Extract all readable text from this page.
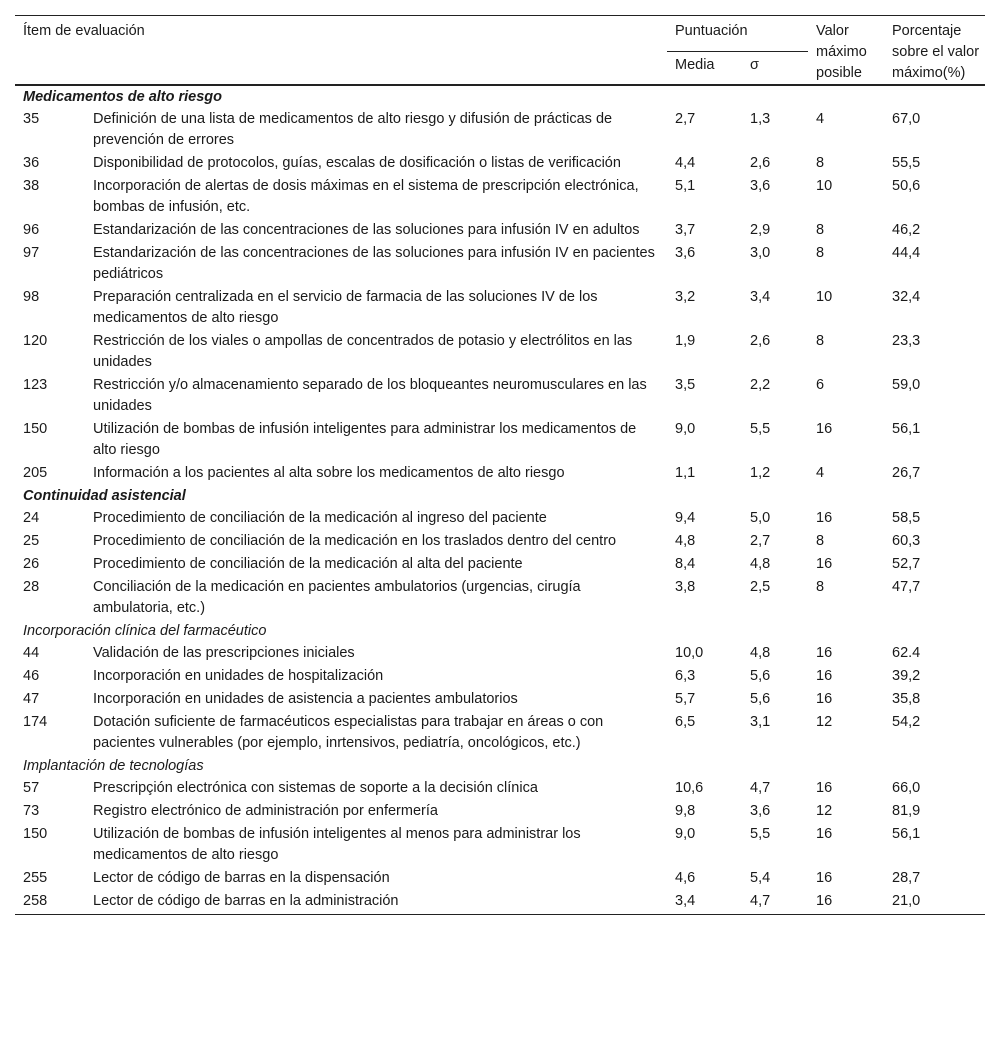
Ítem de evaluación		Puntuación		Valor máximo posible	Porcentaje sobre el valor máximo(%)
		Media	σ		
Medicamentos de alto riesgo					
35	Definición de una lista de medicamentos de alto riesgo y difusión de prácticas de prevención de errores	2,7	1,3	4	67,0
36	Disponibilidad de protocolos, guías, escalas de dosificación o listas de verificación	4,4	2,6	8	55,5
38	Incorporación de alertas de dosis máximas en el sistema de prescripción electrónica, bombas de infusión, etc.	5,1	3,6	10	50,6
96	Estandarización de las concentraciones de las soluciones para infusión IV en adultos	3,7	2,9	8	46,2
97	Estandarización de las concentraciones de las soluciones para infusión IV en pacientes pediátricos	3,6	3,0	8	44,4
98	Preparación centralizada en el servicio de farmacia de las soluciones IV de los medicamentos de alto riesgo	3,2	3,4	10	32,4
120	Restricción de los viales o ampollas de concentrados de potasio y electrólitos en las unidades	1,9	2,6	8	23,3
123	Restricción y/o almacenamiento separado de los bloqueantes neuromusculares en las unidades	3,5	2,2	6	59,0
150	Utilización de bombas de infusión inteligentes para administrar los medicamentos de alto riesgo	9,0	5,5	16	56,1
205	Información a los pacientes al alta sobre los medicamentos de alto riesgo	1,1	1,2	4	26,7
Continuidad asistencial					
24	Procedimiento de conciliación de la medicación al ingreso del paciente	9,4	5,0	16	58,5
25	Procedimiento de conciliación de la medicación en los traslados dentro del centro	4,8	2,7	8	60,3
26	Procedimiento de conciliación de la medicación al alta del paciente	8,4	4,8	16	52,7
28	Conciliación de la medicación en pacientes ambulatorios (urgencias, cirugía ambulatoria, etc.)	3,8	2,5	8	47,7
Incorporación clínica del farmacéutico					
44	Validación de las prescripciones iniciales	10,0	4,8	16	62.4
46	Incorporación en unidades de hospitalización	6,3	5,6	16	39,2
47	Incorporación en unidades de asistencia a pacientes ambulatorios	5,7	5,6	16	35,8
174	Dotación suficiente de farmacéuticos especialistas para trabajar en áreas o con pacientes vulnerables (por ejemplo, inrtensivos, pediatría, oncológicos, etc.)	6,5	3,1	12	54,2
Implantación de tecnologías					
57	Prescripçión electrónica con sistemas de soporte a la decisión clínica	10,6	4,7	16	66,0
73	Registro electrónico de administración por enfermería	9,8	3,6	12	81,9
150	Utilización de bombas de infusión inteligentes al menos para administrar los medicamentos de alto riesgo	9,0	5,5	16	56,1
255	Lector de código de barras en la dispensación	4,6	5,4	16	28,7
258	Lector de código de barras en la administración	3,4	4,7	16	21,0
